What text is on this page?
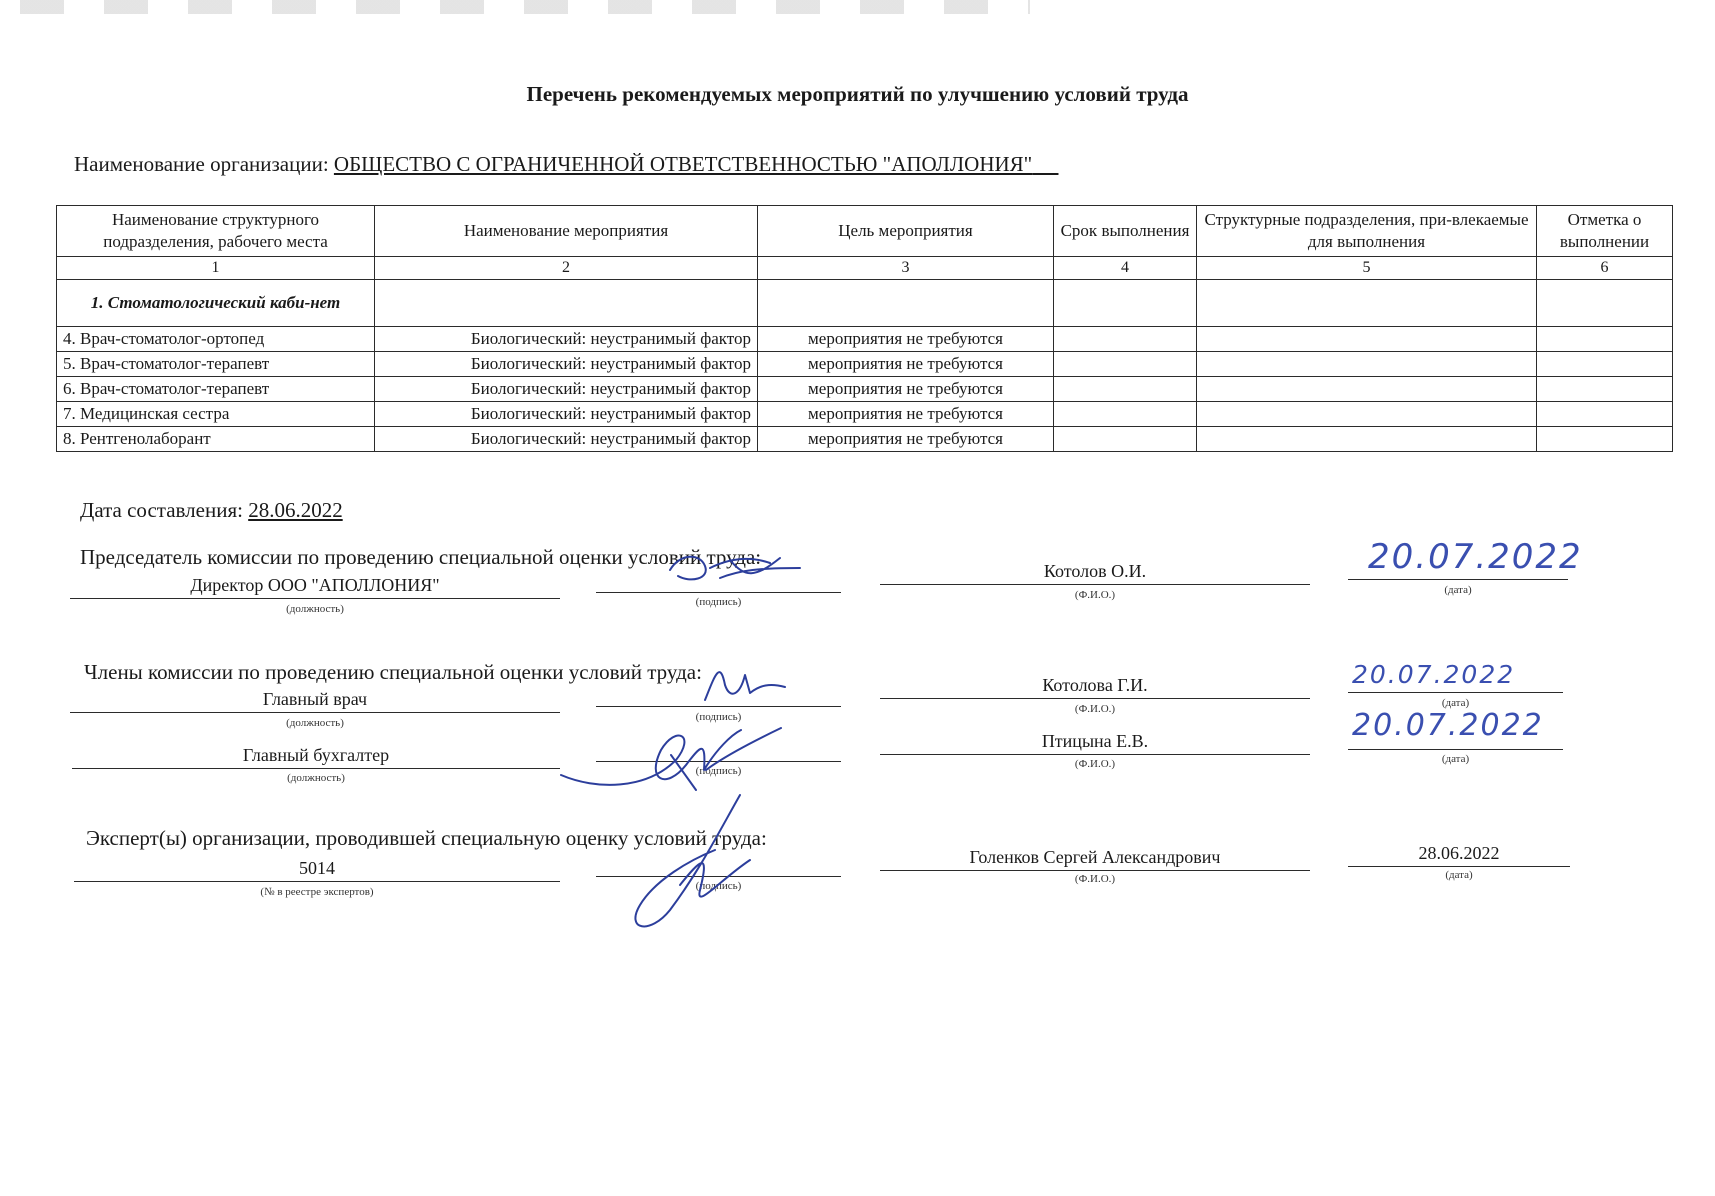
Перечень рекомендуемых мероприятий по улучшению условий труда
Наименование организации: ОБЩЕСТВО С ОГРАНИЧЕННОЙ ОТВЕТСТВЕННОСТЬЮ "АПОЛЛОНИЯ"
Наименование структурного подразделения, рабочего места	Наименование мероприятия	Цель мероприятия	Срок выполнения	Структурные подразделения, при-влекаемые для выполнения	Отметка о выполнении
1	2	3	4	5	6
1. Стоматологический каби-нет					
4. Врач-стоматолог-ортопед	Биологический: неустранимый фактор	мероприятия не требуются			
5. Врач-стоматолог-терапевт	Биологический: неустранимый фактор	мероприятия не требуются			
6. Врач-стоматолог-терапевт	Биологический: неустранимый фактор	мероприятия не требуются			
7. Медицинская сестра	Биологический: неустранимый фактор	мероприятия не требуются			
8. Рентгенолаборант	Биологический: неустранимый фактор	мероприятия не требуются			
Дата составления: 28.06.2022
Председатель комиссии по проведению специальной оценки условий труда:
Директор ООО "АПОЛЛОНИЯ"
(должность)
(подпись)
Котолов О.И.
(Ф.И.О.)	(дата)
20.07.2022
Члены комиссии по проведению специальной оценки условий труда:
Главный врач
(должность)	(подпись)
Котолова Г.И.
(Ф.И.О.)	(дата)
20.07.2022
Главный бухгалтер
(должность)
(подпись)
Птицына Е.В.
(Ф.И.О.)	(дата)
20.07.2022
Эксперт(ы) организации, проводившей специальную оценку условий труда:
5014
(№ в реестре экспертов)	(подпись)
Голенков Сергей Александрович
(Ф.И.О.)
28.06.2022
(дата)
